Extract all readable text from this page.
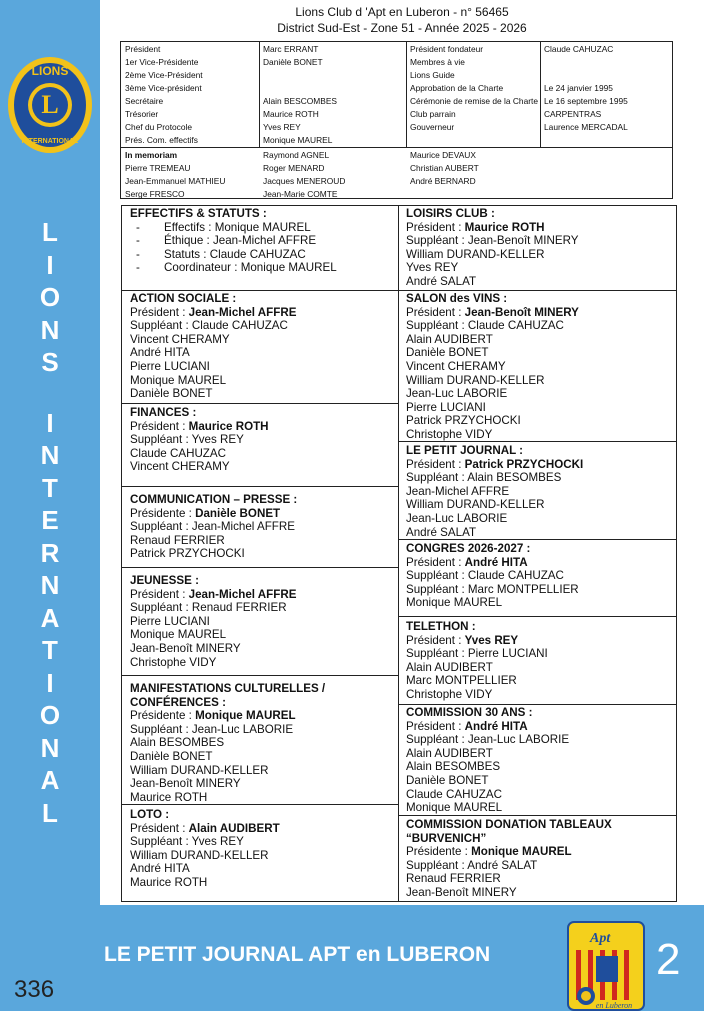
L
LIONS
INTERNATIONAL
L
I
O
N
S
I
N
T
E
R
N
A
T
I
O
N
A
L
Lions Club d 'Apt en Luberon - n° 56465
District Sud-Est - Zone 51 - Année 2025 - 2026
Président
1er Vice-Présidente
2ème Vice-Président
3ème Vice-président
Secrétaire
Trésorier
Chef du Protocole
Prés. Com. effectifs
Marc ERRANT
Danièle BONET
Alain BESCOMBES
Maurice ROTH
Yves REY
Monique MAUREL
Président fondateur
Membres à vie
Lions Guide
Approbation de la Charte
Cérémonie de remise de la Charte
Club parrain
Gouverneur
Claude CAHUZAC
Le 24 janvier 1995
Le 16 septembre 1995
CARPENTRAS
Laurence MERCADAL
In memoriam
Pierre TREMEAU
Jean-Emmanuel MATHIEU
Serge FRESCO
Raymond AGNEL
Roger MENARD
Jacques MENEROUD
Jean-Marie COMTE
Maurice DEVAUX
Christian AUBERT
André BERNARD
EFFECTIFS & STATUTS :
- Effectifs : Monique MAUREL
- Éthique : Jean-Michel AFFRE
- Statuts : Claude CAHUZAC
- Coordinateur : Monique MAUREL
ACTION SOCIALE :
Président : Jean-Michel AFFRE
Suppléant : Claude CAHUZAC
Vincent CHERAMY
André HITA
Pierre LUCIANI
Monique MAUREL
Danièle BONET
FINANCES :
Président : Maurice ROTH
Suppléant : Yves REY
Claude CAHUZAC
Vincent CHERAMY
COMMUNICATION – PRESSE :
Présidente : Danièle BONET
Suppléant : Jean-Michel AFFRE
Renaud FERRIER
Patrick PRZYCHOCKI
JEUNESSE :
Président : Jean-Michel AFFRE
Suppléant : Renaud FERRIER
Pierre LUCIANI
Monique MAUREL
Jean-Benoît MINERY
Christophe VIDY
MANIFESTATIONS CULTURELLES /
CONFÉRENCES :
Présidente : Monique MAUREL
Suppléant : Jean-Luc LABORIE
Alain BESOMBES
Danièle BONET
William DURAND-KELLER
Jean-Benoît MINERY
Maurice ROTH
LOTO :
Président : Alain AUDIBERT
Suppléant : Yves REY
William DURAND-KELLER
André HITA
Maurice ROTH
LOISIRS CLUB :
Président : Maurice ROTH
Suppléant : Jean-Benoît MINERY
William DURAND-KELLER
Yves REY
André SALAT
SALON des VINS :
Président : Jean-Benoît MINERY
Suppléant : Claude CAHUZAC
Alain AUDIBERT
Danièle BONET
Vincent CHERAMY
William DURAND-KELLER
Jean-Luc LABORIE
Pierre LUCIANI
Patrick PRZYCHOCKI
Christophe VIDY
LE PETIT JOURNAL :
Président : Patrick PRZYCHOCKI
Suppléant : Alain BESOMBES
Jean-Michel AFFRE
William DURAND-KELLER
Jean-Luc LABORIE
André SALAT
CONGRES 2026-2027 :
Président : André HITA
Suppléant : Claude CAHUZAC
Suppléant : Marc MONTPELLIER
Monique MAUREL
TELETHON :
Président : Yves REY
Suppléant : Pierre LUCIANI
Alain AUDIBERT
Marc MONTPELLIER
Christophe VIDY
COMMISSION 30 ANS :
Président : André HITA
Suppléant : Jean-Luc LABORIE
Alain AUDIBERT
Alain BESOMBES
Danièle BONET
Claude CAHUZAC
Monique MAUREL
COMMISSION DONATION TABLEAUX
“BURVENICH”
Présidente : Monique MAUREL
Suppléant : André SALAT
Renaud FERRIER
Jean-Benoît MINERY
LE PETIT JOURNAL APT en LUBERON	2
336
Apt
en Luberon
